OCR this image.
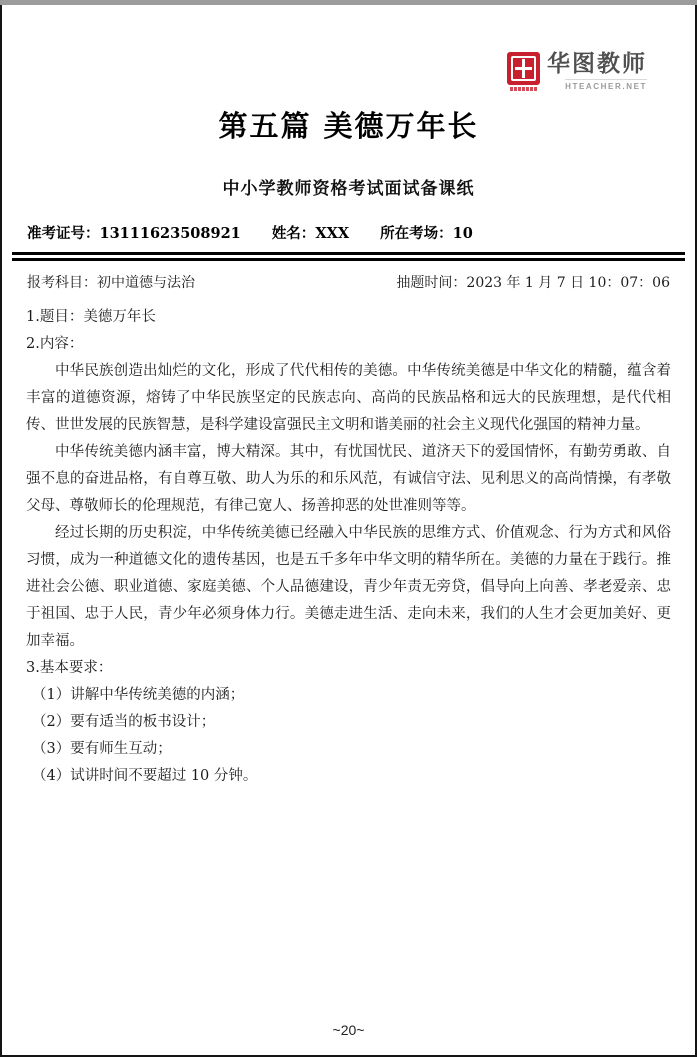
华图教师
HTEACHER.NET
第五篇 美德万年长
中小学教师资格考试面试备课纸
准考证号：13111623508921 姓名：XXX 所在考场：10
报考科目：初中道德与法治	抽题时间：2023 年 1 月 7 日 10：07：06
1.题目：美德万年长
2.内容：

中华民族创造出灿烂的文化，形成了代代相传的美德。中华传统美德是中华文化的精髓，蕴含着丰富的道德资源，熔铸了中华民族坚定的民族志向、高尚的民族品格和远大的民族理想，是代代相传、世世发展的民族智慧，是科学建设富强民主文明和谐美丽的社会主义现代化强国的精神力量。

中华传统美德内涵丰富，博大精深。其中，有忧国忧民、道济天下的爱国情怀，有勤劳勇敢、自强不息的奋进品格，有自尊互敬、助人为乐的和乐风范，有诚信守法、见利思义的高尚情操，有孝敬父母、尊敬师长的伦理规范，有律己宽人、扬善抑恶的处世准则等等。

经过长期的历史积淀，中华传统美德已经融入中华民族的思维方式、价值观念、行为方式和风俗习惯，成为一种道德文化的遗传基因，也是五千多年中华文明的精华所在。美德的力量在于践行。推进社会公德、职业道德、家庭美德、个人品德建设，青少年责无旁贷，倡导向上向善、孝老爱亲、忠于祖国、忠于人民，青少年必须身体力行。美德走进生活、走向未来，我们的人生才会更加美好、更加幸福。

3.基本要求：
（1）讲解中华传统美德的内涵；
（2）要有适当的板书设计；
（3）要有师生互动；
（4）试讲时间不要超过 10 分钟。
~20~
